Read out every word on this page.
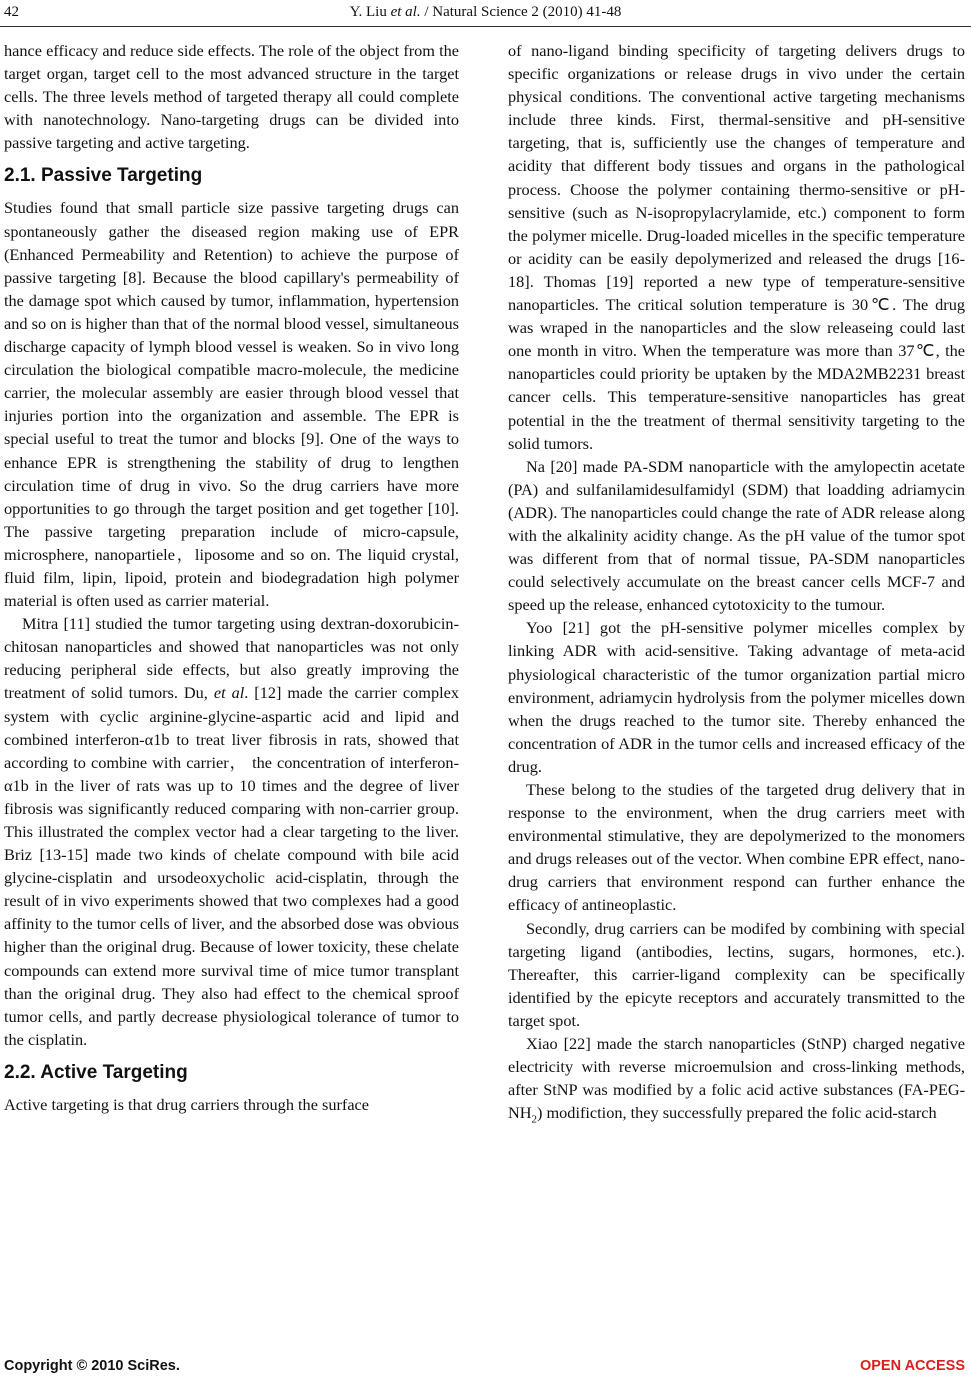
42	Y. Liu et al. / Natural Science 2 (2010) 41-48

hance efficacy and reduce side effects. The role of the object from the target organ, target cell to the most advanced structure in the target cells. The three levels method of targeted therapy all could complete with nanotechnology. Nano-targeting drugs can be divided into passive targeting and active targeting.

2.1. Passive Targeting

Studies found that small particle size passive targeting drugs can spontaneously gather the diseased region making use of EPR (Enhanced Permeability and Retention) to achieve the purpose of passive targeting [8]. Because the blood capillary's permeability of the damage spot which caused by tumor, inflammation, hypertension and so on is higher than that of the normal blood vessel, simultaneous discharge capacity of lymph blood vessel is weaken. So in vivo long circulation the biological compatible macro-molecule, the medicine carrier, the molecular assembly are easier through blood vessel that injuries portion into the organization and assemble. The EPR is special useful to treat the tumor and blocks [9]. One of the ways to enhance EPR is strengthening the stability of drug to lengthen circulation time of drug in vivo. So the drug carriers have more opportunities to go through the target position and get together [10]. The passive targeting preparation include of micro-capsule, microsphere, nanopartiele，liposome and so on. The liquid crystal, fluid film, lipin, lipoid, protein and biodegradation high polymer material is often used as carrier material.

Mitra [11] studied the tumor targeting using dextran-doxorubicin-chitosan nanoparticles and showed that nanoparticles was not only reducing peripheral side effects, but also greatly improving the treatment of solid tumors. Du, et al. [12] made the carrier complex system with cyclic arginine-glycine-aspartic acid and lipid and combined interferon-α1b to treat liver fibrosis in rats, showed that according to combine with carrier， the concentration of interferon-α1b in the liver of rats was up to 10 times and the degree of liver fibrosis was significantly reduced comparing with non-carrier group. This illustrated the complex vector had a clear targeting to the liver. Briz [13-15] made two kinds of chelate compound with bile acid glycine-cisplatin and ursodeoxycholic acid-cisplatin, through the result of in vivo experiments showed that two complexes had a good affinity to the tumor cells of liver, and the absorbed dose was obvious higher than the original drug. Because of lower toxicity, these chelate compounds can extend more survival time of mice tumor transplant than the original drug. They also had effect to the chemical sproof tumor cells, and partly decrease physiological tolerance of tumor to the cisplatin.

2.2. Active Targeting

Active targeting is that drug carriers through the surface

of nano-ligand binding specificity of targeting delivers drugs to specific organizations or release drugs in vivo under the certain physical conditions. The conventional active targeting mechanisms include three kinds. First, thermal-sensitive and pH-sensitive targeting, that is, sufficiently use the changes of temperature and acidity that different body tissues and organs in the pathological process. Choose the polymer containing thermo-sensitive or pH-sensitive (such as N-isopropylacrylamide, etc.) component to form the polymer micelle. Drug-loaded micelles in the specific temperature or acidity can be easily depolymerized and released the drugs [16-18]. Thomas [19] reported a new type of temperature-sensitive nanoparticles. The critical solution temperature is 30℃. The drug was wraped in the nanoparticles and the slow releaseing could last one month in vitro. When the temperature was more than 37℃, the nanoparticles could priority be uptaken by the MDA2MB2231 breast cancer cells. This temperature-sensitive nanoparticles has great potential in the the treatment of thermal sensitivity targeting to the solid tumors.

Na [20] made PA-SDM nanoparticle with the amylopectin acetate (PA) and sulfanilamidesulfamidyl (SDM) that loadding adriamycin (ADR). The nanoparticles could change the rate of ADR release along with the alkalinity acidity change. As the pH value of the tumor spot was different from that of normal tissue, PA-SDM nanoparticles could selectively accumulate on the breast cancer cells MCF-7 and speed up the release, enhanced cytotoxicity to the tumour.

Yoo [21] got the pH-sensitive polymer micelles complex by linking ADR with acid-sensitive. Taking advantage of meta-acid physiological characteristic of the tumor organization partial micro environment, adriamycin hydrolysis from the polymer micelles down when the drugs reached to the tumor site. Thereby enhanced the concentration of ADR in the tumor cells and increased efficacy of the drug.

These belong to the studies of the targeted drug delivery that in response to the environment, when the drug carriers meet with environmental stimulative, they are depolymerized to the monomers and drugs releases out of the vector. When combine EPR effect, nano-drug carriers that environment respond can further enhance the efficacy of antineoplastic.

Secondly, drug carriers can be modifed by combining with special targeting ligand (antibodies, lectins, sugars, hormones, etc.). Thereafter, this carrier-ligand complexity can be specifically identified by the epicyte receptors and accurately transmitted to the target spot.

Xiao [22] made the starch nanoparticles (StNP) charged negative electricity with reverse microemulsion and cross-linking methods, after StNP was modified by a folic acid active substances $(FA-PEG-NH_2)$ modifiction, they successfully prepared the folic acid-starch

Copyright © 2010 SciRes.	OPEN ACCESS
